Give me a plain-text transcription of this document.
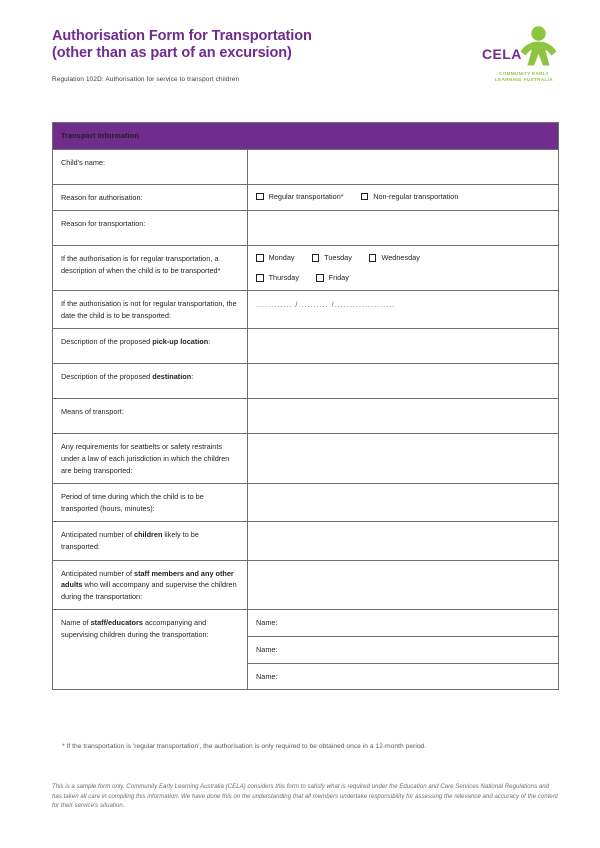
Authorisation Form for Transportation
(other than as part of an excursion)
Regulation 102D: Authorisation for service to transport children
CELA
COMMUNITY EARLY
LEARNING AUSTRALIA
Transport Information	
Child's name:	
Reason for authorisation:	Regular transportation* Non-regular transportation

Reason for transportation:	
If the authorisation is for regular transportation, a description of when the child is to be transported*	Monday Tuesday Wednesday
Thursday Friday

If the authorisation is not for regular transportation, the date the child is to be transported:	............ /.......... /....................

Description of the proposed pick-up location:	
Description of the proposed destination:	
Means of transport:	
Any requirements for seatbelts or safety restraints under a law of each jurisdiction in which the children are being transported:	
Period of time during which the child is to be transported (hours, minutes):	
Anticipated number of children likely to be transported:	
Anticipated number of staff members and any other adults who will accompany and supervise the children during the transportation:	
Name of staff/educators accompanying and supervising children during the transportation:	Name:
	Name:
	Name:
* If the transportation is 'regular transportation', the authorisation is only required to be obtained once in a 12-month period.
This is a sample form only. Community Early Learning Australia (CELA) considers this form to satisfy what is required under the Education and Care Services National Regulations and has taken all care in compiling this information. We have done this on the understanding that all members undertake responsibility for assessing the relevance and accuracy of the content for their service's situation.
